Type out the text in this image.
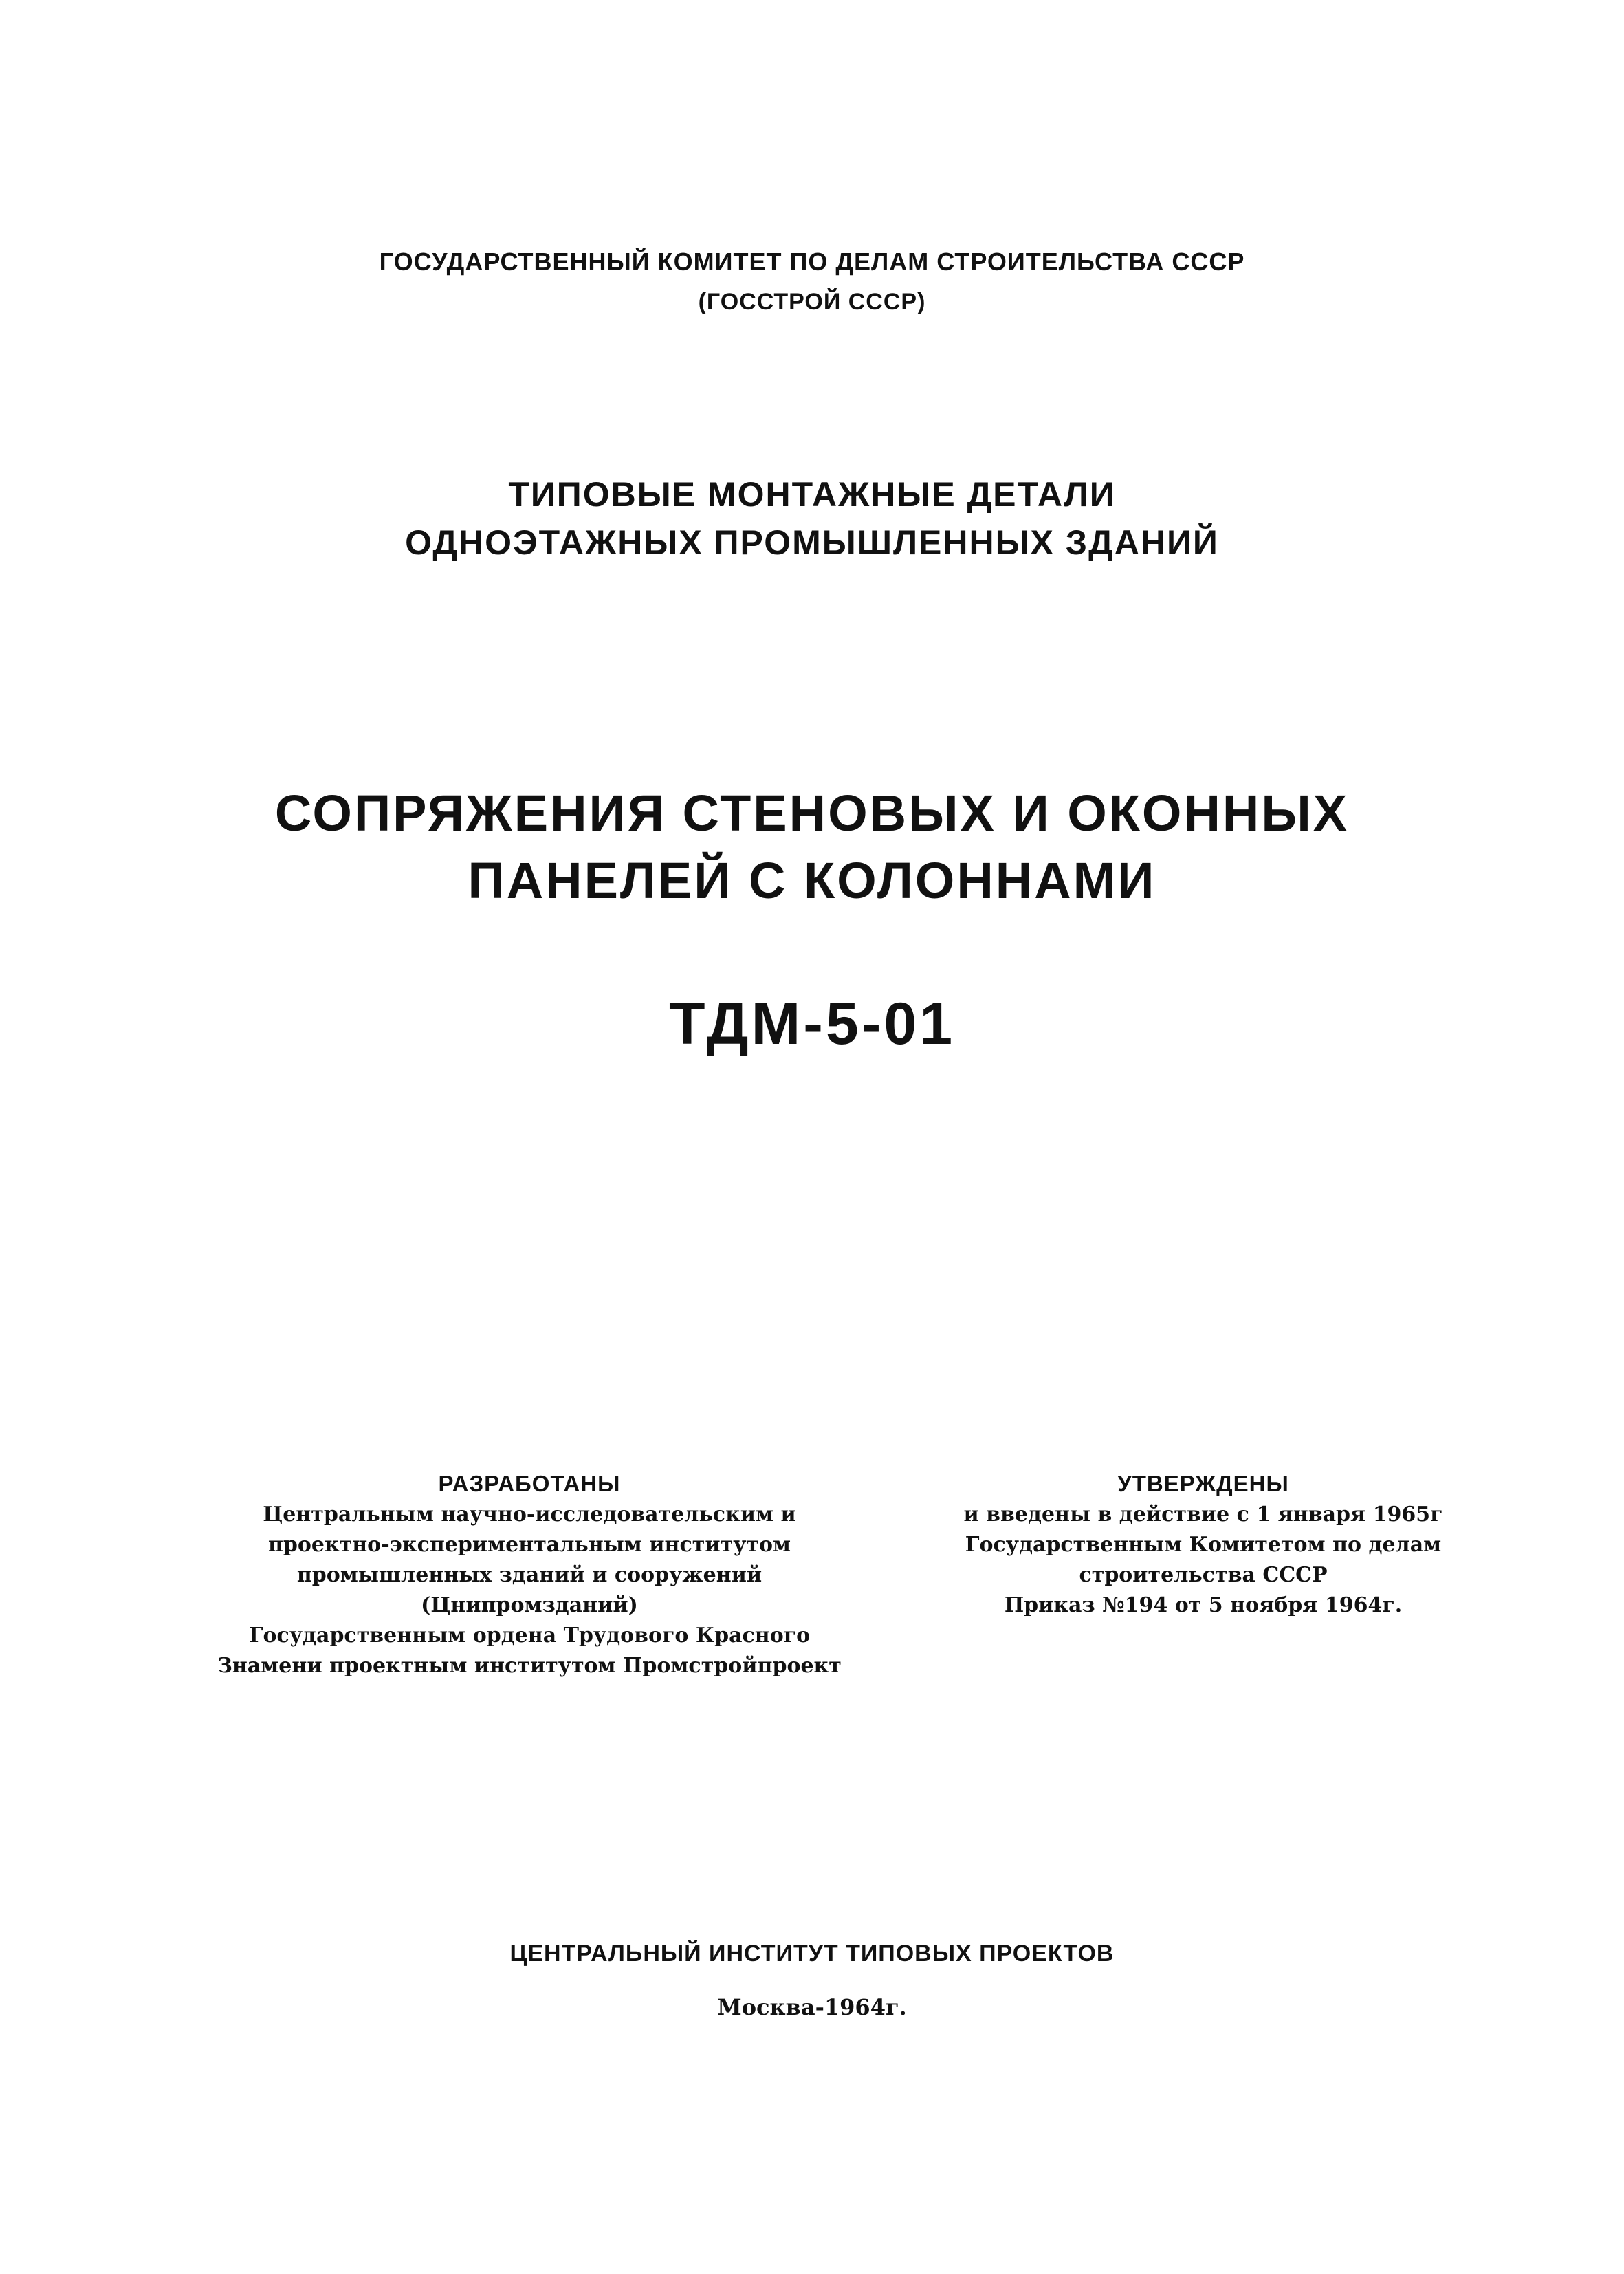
ГОСУДАРСТВЕННЫЙ КОМИТЕТ ПО ДЕЛАМ СТРОИТЕЛЬСТВА СССР
(ГОССТРОЙ СССР)
ТИПОВЫЕ МОНТАЖНЫЕ ДЕТАЛИ
ОДНОЭТАЖНЫХ ПРОМЫШЛЕННЫХ ЗДАНИЙ
СОПРЯЖЕНИЯ СТЕНОВЫХ И ОКОННЫХ
ПАНЕЛЕЙ С КОЛОННАМИ
ТДМ-5-01
РАЗРАБОТАНЫ
Центральным научно-исследовательским и
проектно-экспериментальным институтом
промышленных зданий и сооружений
(Цнипромзданий)
Государственным ордена Трудового Красного
Знамени проектным институтом Промстройпроект
УТВЕРЖДЕНЫ
и введены в действие с 1 января 1965г
Государственным Комитетом по делам
строительства СССР
Приказ №194 от 5 ноября 1964г.
ЦЕНТРАЛЬНЫЙ ИНСТИТУТ ТИПОВЫХ ПРОЕКТОВ
Москва-1964г.
